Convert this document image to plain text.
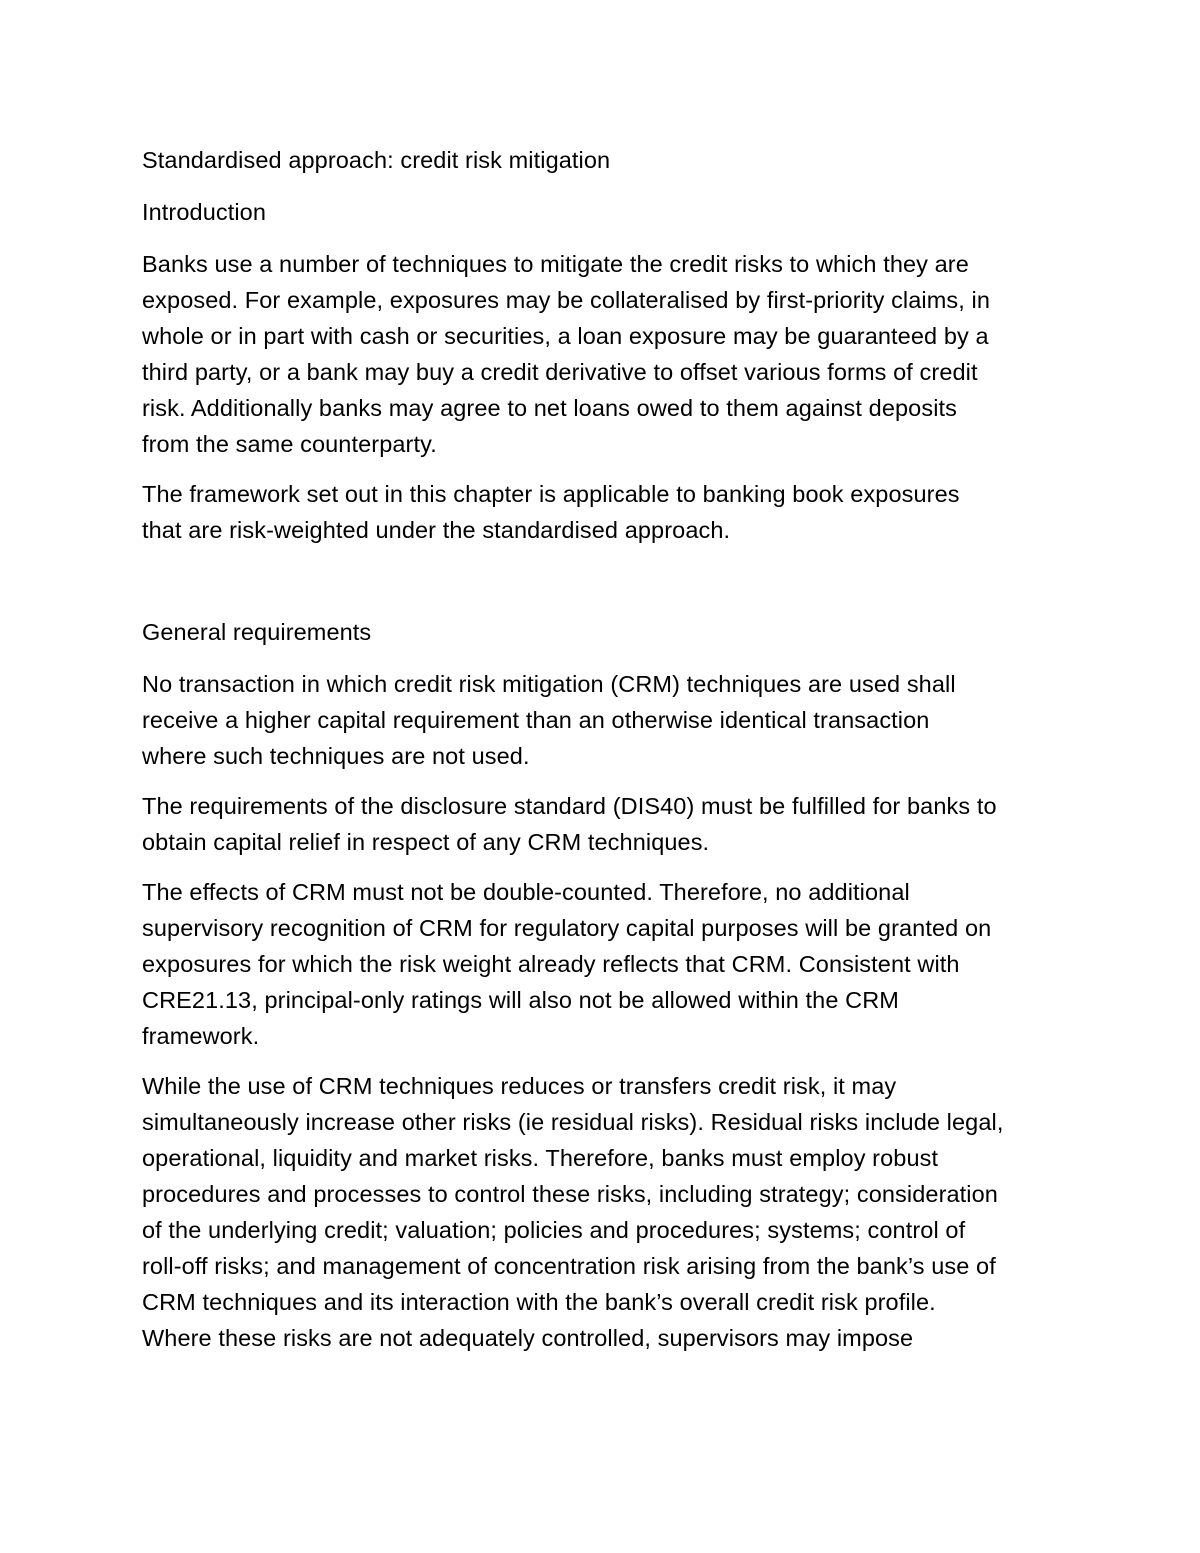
Standardised approach: credit risk mitigation

Introduction

Banks use a number of techniques to mitigate the credit risks to which they are
exposed. For example, exposures may be collateralised by first-priority claims, in
whole or in part with cash or securities, a loan exposure may be guaranteed by a
third party, or a bank may buy a credit derivative to offset various forms of credit
risk. Additionally banks may agree to net loans owed to them against deposits
from the same counterparty.

The framework set out in this chapter is applicable to banking book exposures
that are risk-weighted under the standardised approach.

General requirements

No transaction in which credit risk mitigation (CRM) techniques are used shall
receive a higher capital requirement than an otherwise identical transaction
where such techniques are not used.

The requirements of the disclosure standard (DIS40) must be fulfilled for banks to
obtain capital relief in respect of any CRM techniques.

The effects of CRM must not be double-counted. Therefore, no additional
supervisory recognition of CRM for regulatory capital purposes will be granted on
exposures for which the risk weight already reflects that CRM. Consistent with
CRE21.13, principal-only ratings will also not be allowed within the CRM
framework.

While the use of CRM techniques reduces or transfers credit risk, it may
simultaneously increase other risks (ie residual risks). Residual risks include legal,
operational, liquidity and market risks. Therefore, banks must employ robust
procedures and processes to control these risks, including strategy; consideration
of the underlying credit; valuation; policies and procedures; systems; control of
roll-off risks; and management of concentration risk arising from the bank’s use of
CRM techniques and its interaction with the bank’s overall credit risk profile.
Where these risks are not adequately controlled, supervisors may impose
